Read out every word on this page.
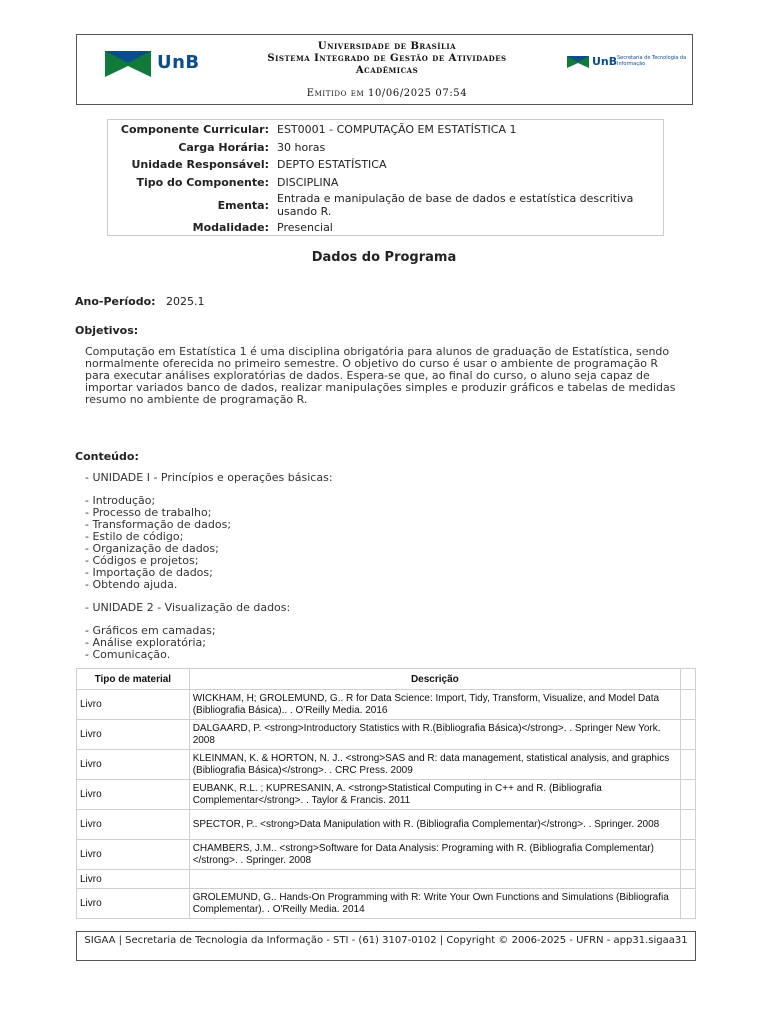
UnB
Universidade de Brasília
Sistema Integrado de Gestão de Atividades
Acadêmicas
Emitido em 10/06/2025 07:54
UnB Secretaria de Tecnologia da Informação
Componente Curricular: EST0001 - COMPUTAÇÃO EM ESTATÍSTICA 1
Carga Horária: 30 horas
Unidade Responsável: DEPTO ESTATÍSTICA
Tipo do Componente: DISCIPLINA
Ementa:
Entrada e manipulação de base de dados e estatística descritiva usando R.
Modalidade: Presencial
Dados do Programa
Ano-Período: 2025.1
Objetivos:
Computação em Estatística 1 é uma disciplina obrigatória para alunos de graduação de Estatística, sendo normalmente oferecida no primeiro semestre. O objetivo do curso é usar o ambiente de programação R para executar análises exploratórias de dados. Espera-se que, ao final do curso, o aluno seja capaz de importar variados banco de dados, realizar manipulações simples e produzir gráficos e tabelas de medidas resumo no ambiente de programação R.
Conteúdo:
- UNIDADE I - Princípios e operações básicas:
- Introdução;
- Processo de trabalho;
- Transformação de dados;
- Estilo de código;
- Organização de dados;
- Códigos e projetos;
- Importação de dados;
- Obtendo ajuda.
- UNIDADE 2 - Visualização de dados:
- Gráficos em camadas;
- Análise exploratória;
- Comunicação.
Tipo de material	Descrição	
Livro	WICKHAM, H; GROLEMUND, G.. R for Data Science: Import, Tidy, Transform, Visualize, and Model Data (Bibliografia Básica).. . O'Reilly Media. 2016	
Livro	DALGAARD, P. <strong>Introductory Statistics with R.(Bibliografia Básica)</strong>. . Springer New York. 2008	
Livro	KLEINMAN, K. & HORTON, N. J.. <strong>SAS and R: data management, statistical analysis, and graphics (Bibliografia Básica)</strong>. . CRC Press. 2009	
Livro	EUBANK, R.L. ; KUPRESANIN, A. <strong>Statistical Computing in C++ and R. (Bibliografia Complementar</strong>. . Taylor & Francis. 2011	
Livro	SPECTOR, P.. <strong>Data Manipulation with R. (Bibliografia Complementar)</strong>. . Springer. 2008	
Livro	CHAMBERS, J.M.. <strong>Software for Data Analysis: Programing with R. (Bibliografia Complementar)</strong>. . Springer. 2008	
Livro		
Livro	GROLEMUND, G.. Hands-On Programming with R: Write Your Own Functions and Simulations (Bibliografia Complementar). . O'Reilly Media. 2014	
SIGAA | Secretaria de Tecnologia da Informação - STI - (61) 3107-0102 | Copyright © 2006-2025 - UFRN - app31.sigaa31
